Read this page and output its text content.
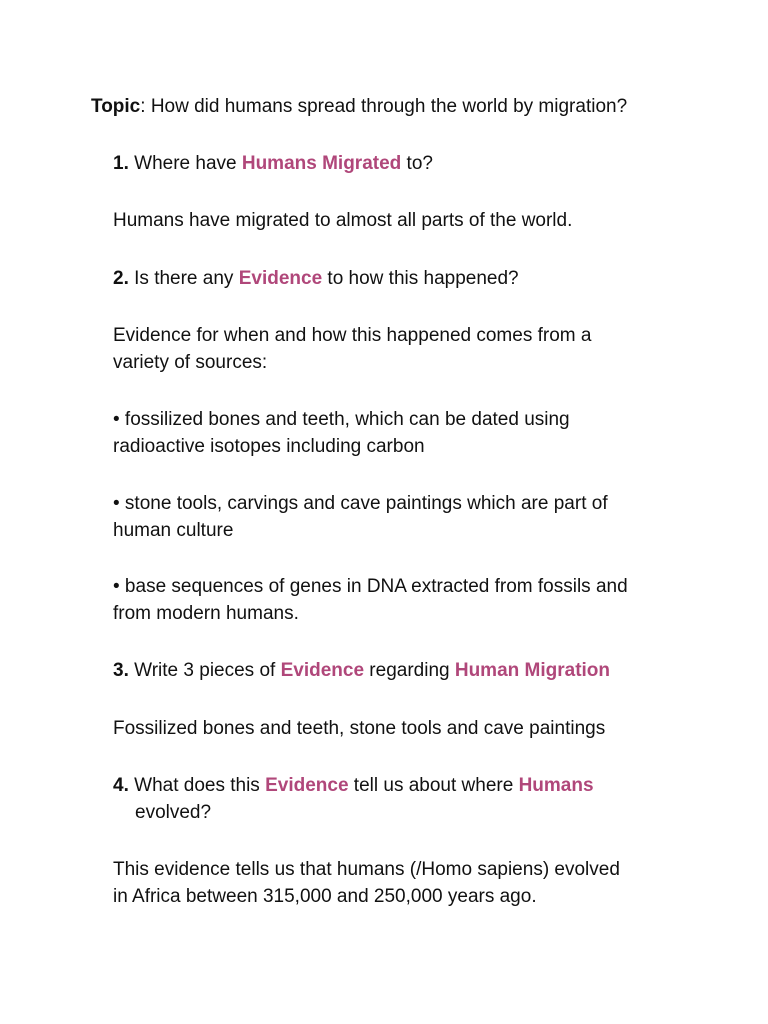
Topic: How did humans spread through the world by migration?

1. Where have Humans Migrated to?

Humans have migrated to almost all parts of the world.

2. Is there any Evidence to how this happened?

Evidence for when and how this happened comes from a

variety of sources:

• fossilized bones and teeth, which can be dated using

radioactive isotopes including carbon

• stone tools, carvings and cave paintings which are part of

human culture

• base sequences of genes in DNA extracted from fossils and

from modern humans.

3. Write 3 pieces of Evidence regarding Human Migration

Fossilized bones and teeth, stone tools and cave paintings

4. What does this Evidence tell us about where Humans

evolved?

This evidence tells us that humans (/Homo sapiens) evolved

in Africa between 315,000 and 250,000 years ago.
